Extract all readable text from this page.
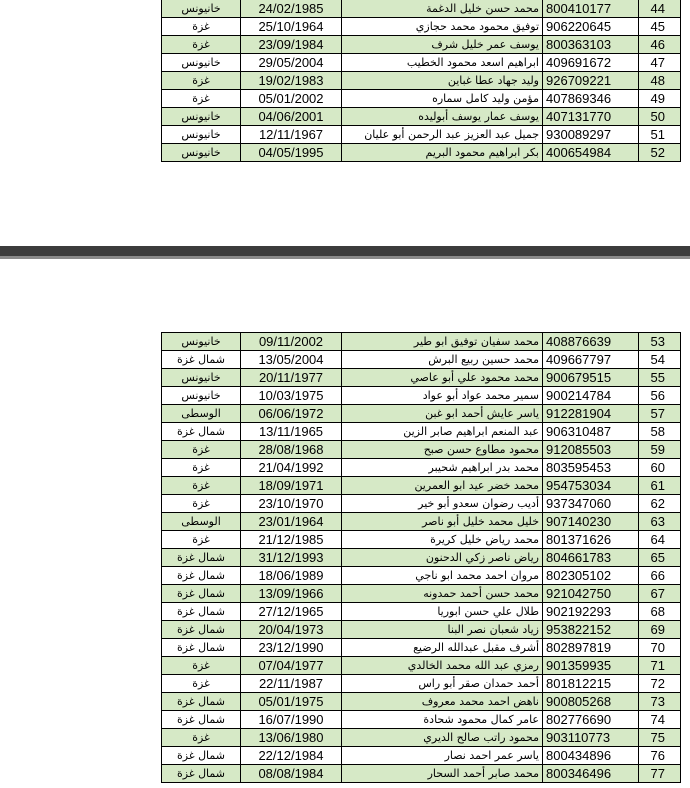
خانيونس	24/02/1985	محمد حسن خليل الدغمة	800410177	44
غزة	25/10/1964	توفيق محمود محمد حجازي	906220645	45
غزة	23/09/1984	يوسف عمر خليل شرف	800363103	46
خانيونس	29/05/2004	ابراهيم اسعد محمود الخطيب	409691672	47
غزة	19/02/1983	وليد جهاد عطا غباين	926709221	48
غزة	05/01/2002	مؤمن وليد كامل سماره	407869346	49
خانيونس	04/06/2001	يوسف عمار يوسف أبوليده	407131770	50
خانيونس	12/11/1967	جميل عبد العزيز عبد الرحمن أبو عليان	930089297	51
خانيونس	04/05/1995	بكر ابراهيم محمود البريم	400654984	52
خانيونس	09/11/2002	محمد سفيان توفيق ابو طير	408876639	53
شمال غزة	13/05/2004	محمد حسين ربيع البرش	409667797	54
خانيونس	20/11/1977	محمد محمود علي أبو عاصي	900679515	55
خانيونس	10/03/1975	سمير محمد عواد أبو عواد	900214784	56
الوسطى	06/06/1972	ياسر عايش أحمد ابو غبن	912281904	57
شمال غزة	13/11/1965	عبد المنعم ابراهيم صابر الزين	906310487	58
غزة	28/08/1968	محمود مطاوع حسن صبح	912085503	59
غزة	21/04/1992	محمد بدر ابراهيم شحيبر	803595453	60
غزة	18/09/1971	محمد خضر عيد ابو العمرين	954753034	61
غزة	23/10/1970	أديب رضوان سعدو أبو خير	937347060	62
الوسطى	23/01/1964	خليل محمد خليل أبو ناصر	907140230	63
غزة	21/12/1985	محمد رياض خليل كريرة	801371626	64
شمال غزة	31/12/1993	رياض ناصر زكي الدحنون	804661783	65
شمال غزة	18/06/1989	مروان احمد محمد ابو ناجي	802305102	66
شمال غزة	13/09/1966	محمد حسن أحمد حمدونه	921042750	67
شمال غزة	27/12/1965	طلال علي حسن ابوريا	902192293	68
شمال غزة	20/04/1973	زياد شعبان نصر البنا	953822152	69
شمال غزة	23/12/1990	أشرف مقبل عبدالله الرضيع	802897819	70
غزة	07/04/1977	رمزي عبد الله محمد الخالدي	901359935	71
غزة	22/11/1987	أحمد حمدان صقر أبو راس	801812215	72
شمال غزة	05/01/1975	ناهض احمد محمد معروف	900805268	73
شمال غزة	16/07/1990	عامر كمال محمود شحادة	802776690	74
غزة	13/06/1980	محمود راتب صالح الديري	903110773	75
شمال غزة	22/12/1984	ياسر عمر احمد نصار	800434896	76
شمال غزة	08/08/1984	محمد صابر أحمد السحار	800346496	77
